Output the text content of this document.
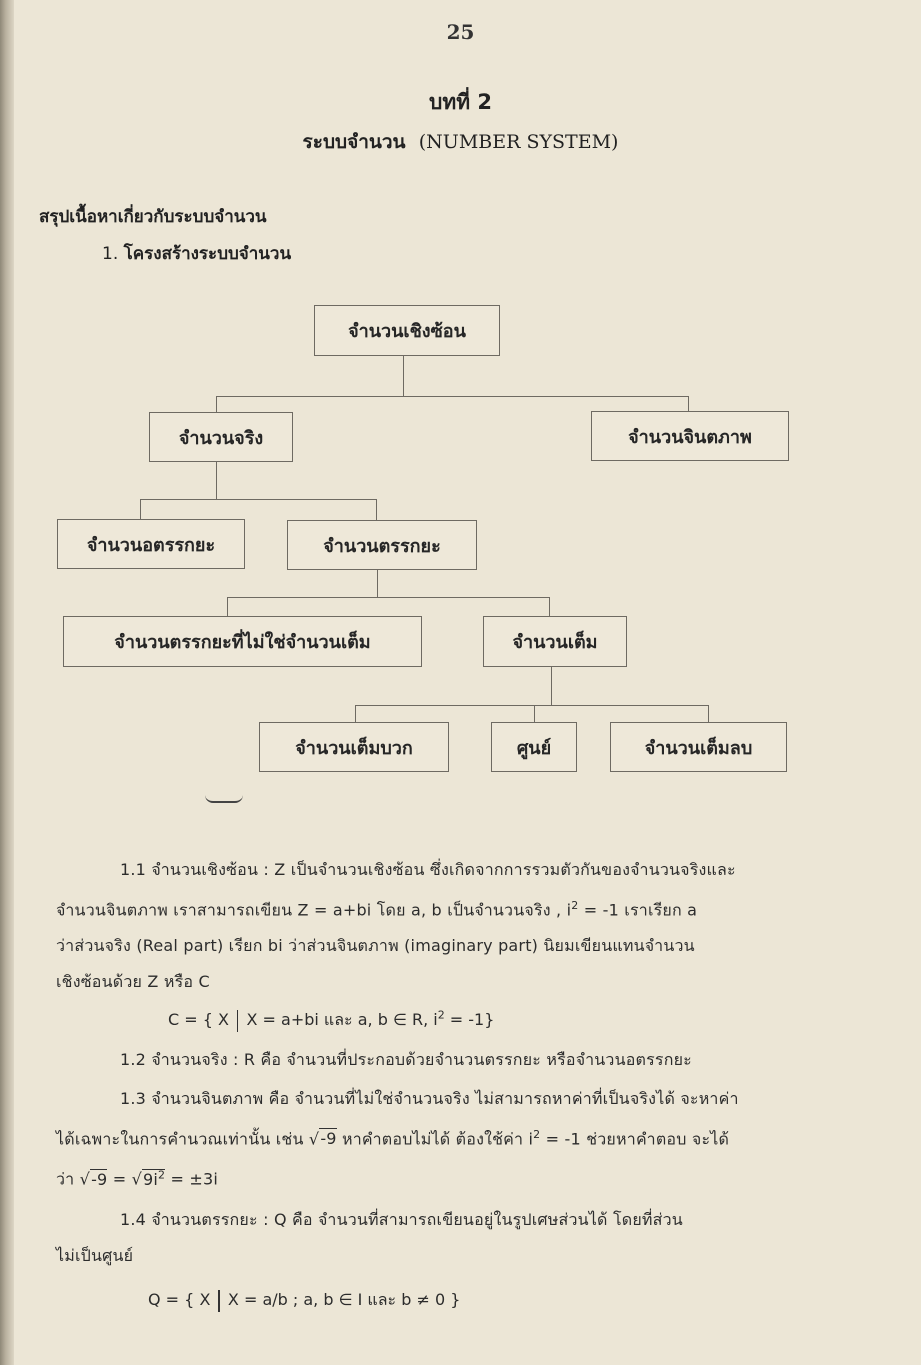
25
บทที่ 2
ระบบจำนวน (NUMBER SYSTEM)
สรุปเนื้อหาเกี่ยวกับระบบจำนวน
1. โครงสร้างระบบจำนวน
จำนวนเชิงซ้อน
จำนวนจริง	จำนวนจินตภาพ
จำนวนอตรรกยะ	จำนวนตรรกยะ
จำนวนตรรกยะที่ไม่ใช่จำนวนเต็ม	จำนวนเต็ม
จำนวนเต็มบวก	ศูนย์	จำนวนเต็มลบ
1.1 จำนวนเชิงซ้อน : Z เป็นจำนวนเชิงซ้อน ซึ่งเกิดจากการรวมตัวกันของจำนวนจริงและ
จำนวนจินตภาพ เราสามารถเขียน Z = a+bi โดย a, b เป็นจำนวนจริง , $i^2 = -1$ เราเรียก a
ว่าส่วนจริง (Real part) เรียก bi ว่าส่วนจินตภาพ (imaginary part) นิยมเขียนแทนจำนวน
เชิงซ้อนด้วย Z หรือ C
C = { X X = a+bi และ a, b ∈ R, $i^2 = -1$}
1.2 จำนวนจริง : R คือ จำนวนที่ประกอบด้วยจำนวนตรรกยะ หรือจำนวนอตรรกยะ
1.3 จำนวนจินตภาพ คือ จำนวนที่ไม่ใช่จำนวนจริง ไม่สามารถหาค่าที่เป็นจริงได้ จะหาค่า
ได้เฉพาะในการคำนวณเท่านั้น เช่น √-9 หาคำตอบไม่ได้ ต้องใช้ค่า $i^2 = -1$ ช่วยหาคำตอบ จะได้
ว่า $√-9 = √9i^2 = \pm 3i$
1.4 จำนวนตรรกยะ : Q คือ จำนวนที่สามารถเขียนอยู่ในรูปเศษส่วนได้ โดยที่ส่วน
ไม่เป็นศูนย์
Q = { X X = a/b ; a, b ∈ I และ b ≠ 0 }
